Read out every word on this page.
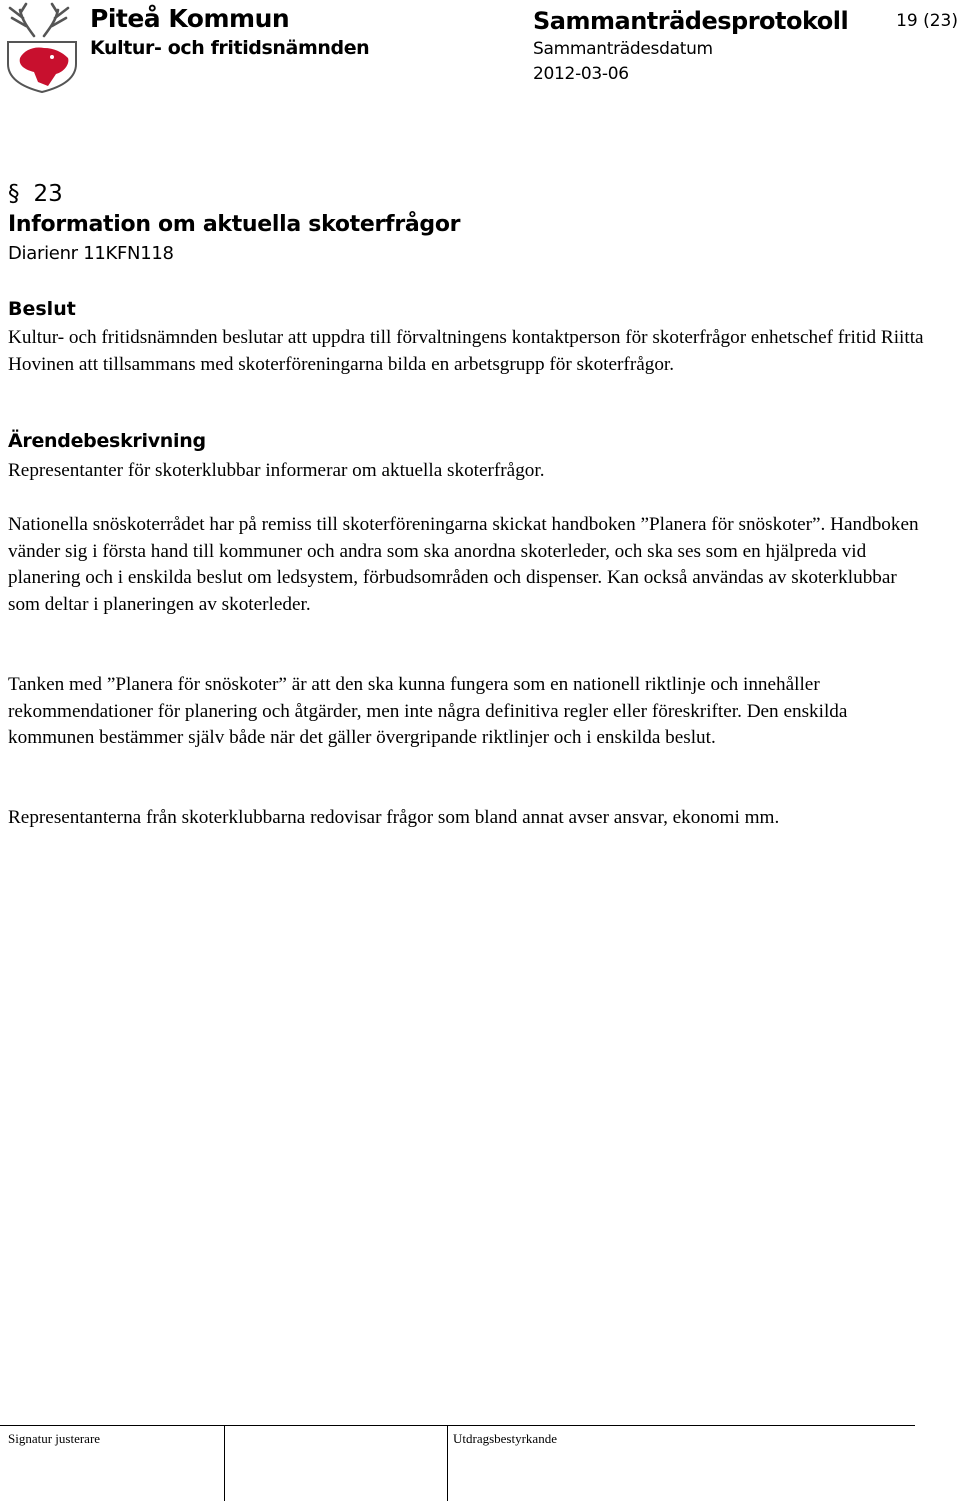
Piteå Kommun
Kultur- och fritidsnämnden
Sammanträdesprotokoll
Sammanträdesdatum
2012-03-06
19 (23)
§ 23
Information om aktuella skoterfrågor
Diarienr 11KFN118
Beslut

Kultur- och fritidsnämnden beslutar att uppdra till förvaltningens kontaktperson för skoterfrågor enhetschef fritid Riitta Hovinen att tillsammans med skoterföreningarna bilda en arbetsgrupp för skoterfrågor.

Ärendebeskrivning

Representanter för skoterklubbar informerar om aktuella skoterfrågor.

Nationella snöskoterrådet har på remiss till skoterföreningarna skickat handboken ”Planera för snöskoter”. Handboken vänder sig i första hand till kommuner och andra som ska anordna skoterleder, och ska ses som en hjälpreda vid planering och i enskilda beslut om ledsystem, förbudsområden och dispenser. Kan också användas av skoterklubbar som deltar i planeringen av skoterleder.

Tanken med ”Planera för snöskoter” är att den ska kunna fungera som en nationell riktlinje och innehåller rekommendationer för planering och åtgärder, men inte några definitiva regler eller föreskrifter. Den enskilda kommunen bestämmer själv både när det gäller övergripande riktlinjer och i enskilda beslut.

Representanterna från skoterklubbarna redovisar frågor som bland annat avser ansvar, ekonomi mm.

Signatur justerare	Utdragsbestyrkande
